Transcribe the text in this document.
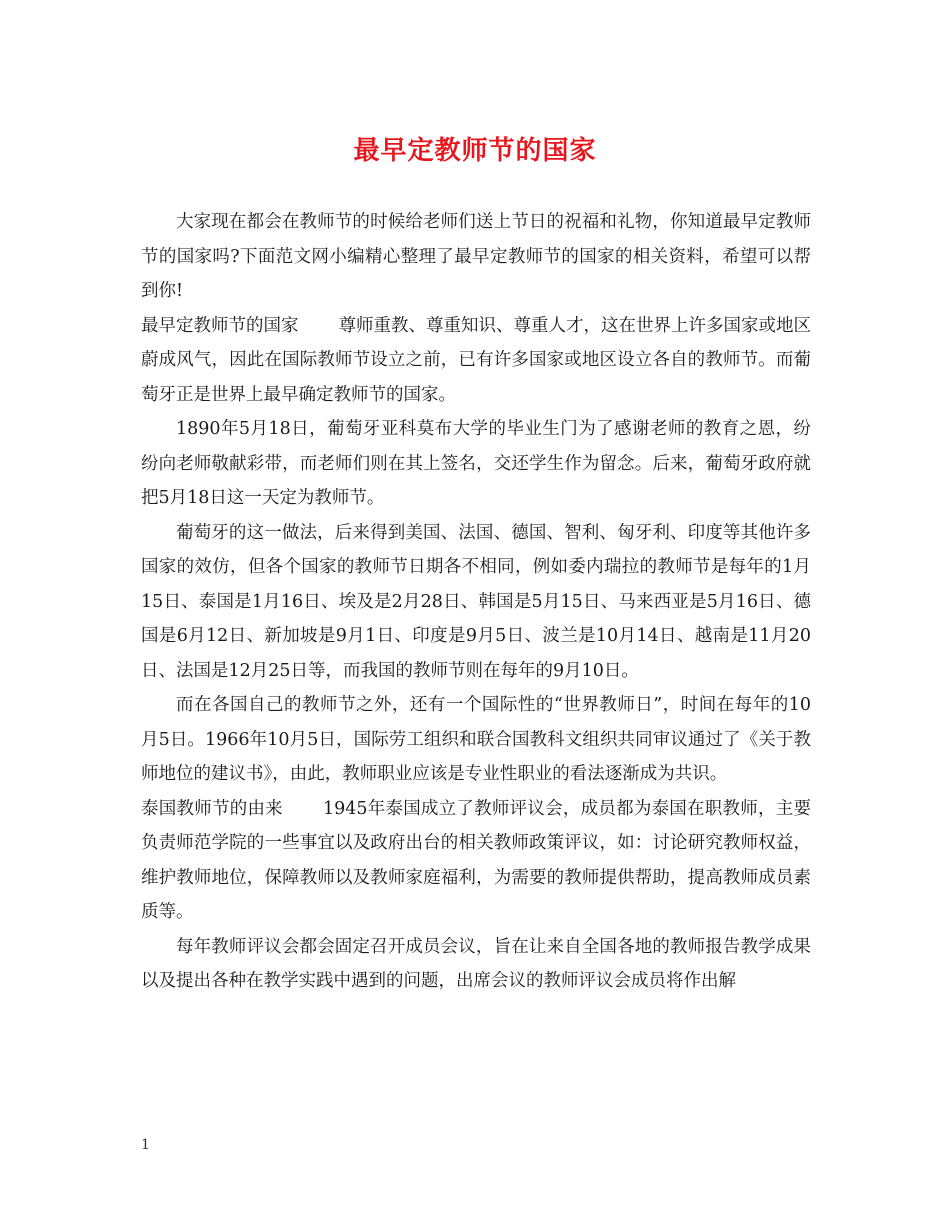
最早定教师节的国家

大家现在都会在教师节的时候给老师们送上节日的祝福和礼物，你知道最早定教师节的国家吗?下面范文网小编精心整理了最早定教师节的国家的相关资料，希望可以帮到你!

最早定教师节的国家 尊师重教、尊重知识、尊重人才，这在世界上许多国家或地区蔚成风气，因此在国际教师节设立之前，已有许多国家或地区设立各自的教师节。而葡萄牙正是世界上最早确定教师节的国家。

1890年5月18日，葡萄牙亚科莫布大学的毕业生门为了感谢老师的教育之恩，纷纷向老师敬献彩带，而老师们则在其上签名，交还学生作为留念。后来，葡萄牙政府就把5月18日这一天定为教师节。

葡萄牙的这一做法，后来得到美国、法国、德国、智利、匈牙利、印度等其他许多国家的效仿，但各个国家的教师节日期各不相同，例如委内瑞拉的教师节是每年的1月15日、泰国是1月16日、埃及是2月28日、韩国是5月15日、马来西亚是5月16日、德国是6月12日、新加坡是9月1日、印度是9月5日、波兰是10月14日、越南是11月20日、法国是12月25日等，而我国的教师节则在每年的9月10日。

而在各国自己的教师节之外，还有一个国际性的“世界教师日”，时间在每年的10月5日。1966年10月5日，国际劳工组织和联合国教科文组织共同审议通过了《关于教师地位的建议书》，由此，教师职业应该是专业性职业的看法逐渐成为共识。

泰国教师节的由来 1945年泰国成立了教师评议会，成员都为泰国在职教师，主要负责师范学院的一些事宜以及政府出台的相关教师政策评议，如：讨论研究教师权益，维护教师地位，保障教师以及教师家庭福利，为需要的教师提供帮助，提高教师成员素质等。

每年教师评议会都会固定召开成员会议，旨在让来自全国各地的教师报告教学成果以及提出各种在教学实践中遇到的问题，出席会议的教师评议会成员将作出解

1
